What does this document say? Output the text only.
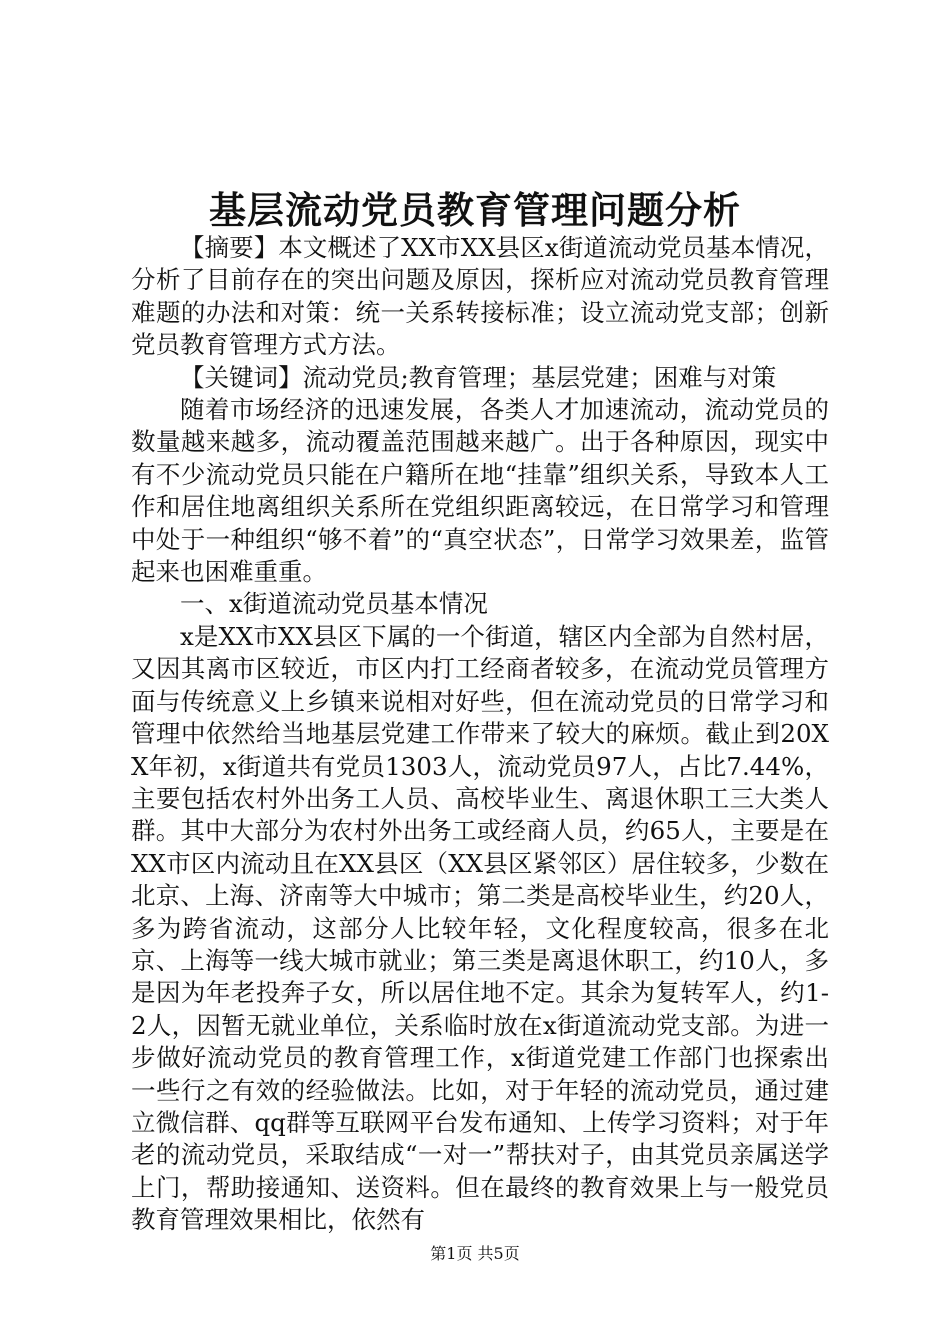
基层流动党员教育管理问题分析

【摘要】本文概述了XX市XX县区x街道流动党员基本情况，分析了目前存在的突出问题及原因，探析应对流动党员教育管理难题的办法和对策：统一关系转接标准；设立流动党支部；创新党员教育管理方式方法。

【关键词】流动党员;教育管理；基层党建；困难与对策

随着市场经济的迅速发展，各类人才加速流动，流动党员的数量越来越多，流动覆盖范围越来越广。出于各种原因，现实中有不少流动党员只能在户籍所在地“挂靠”组织关系，导致本人工作和居住地离组织关系所在党组织距离较远，在日常学习和管理中处于一种组织“够不着”的“真空状态”，日常学习效果差，监管起来也困难重重。

一、x街道流动党员基本情况

x是XX市XX县区下属的一个街道，辖区内全部为自然村居，又因其离市区较近，市区内打工经商者较多，在流动党员管理方面与传统意义上乡镇来说相对好些，但在流动党员的日常学习和管理中依然给当地基层党建工作带来了较大的麻烦。截止到20XX年初，x街道共有党员1303人，流动党员97人，占比7.44%，主要包括农村外出务工人员、高校毕业生、离退休职工三大类人群。其中大部分为农村外出务工或经商人员，约65人，主要是在XX市区内流动且在XX县区（XX县区紧邻区）居住较多，少数在北京、上海、济南等大中城市；第二类是高校毕业生，约20人，多为跨省流动，这部分人比较年轻，文化程度较高，很多在北京、上海等一线大城市就业；第三类是离退休职工，约10人，多是因为年老投奔子女，所以居住地不定。其余为复转军人，约1-2人，因暂无就业单位，关系临时放在x街道流动党支部。为进一步做好流动党员的教育管理工作，x街道党建工作部门也探索出一些行之有效的经验做法。比如，对于年轻的流动党员，通过建立微信群、qq群等互联网平台发布通知、上传学习资料；对于年老的流动党员，采取结成“一对一”帮扶对子，由其党员亲属送学上门，帮助接通知、送资料。但在最终的教育效果上与一般党员教育管理效果相比，依然有

第1页 共5页
